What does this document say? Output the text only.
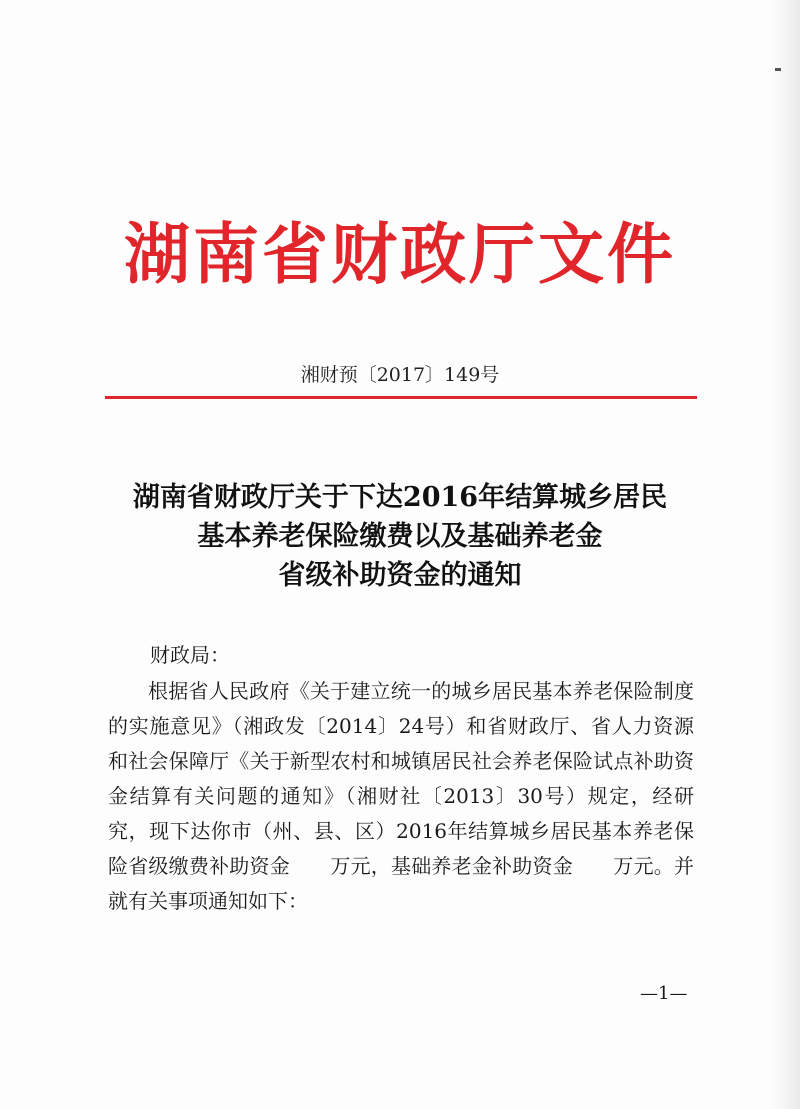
湖南省财政厅文件
湘财预〔2017〕149号
湖南省财政厅关于下达2016年结算城乡居民
基本养老保险缴费以及基础养老金
省级补助资金的通知
财政局：

根据省人民政府《关于建立统一的城乡居民基本养老保险制度的实施意见》（湘政发〔2014〕24号）和省财政厅、省人力资源和社会保障厅《关于新型农村和城镇居民社会养老保险试点补助资金结算有关问题的通知》（湘财社〔2013〕30号）规定，经研究，现下达你市（州、县、区）2016年结算城乡居民基本养老保险省级缴费补助资金　　万元，基础养老金补助资金　　万元。并就有关事项通知如下：

—1—
